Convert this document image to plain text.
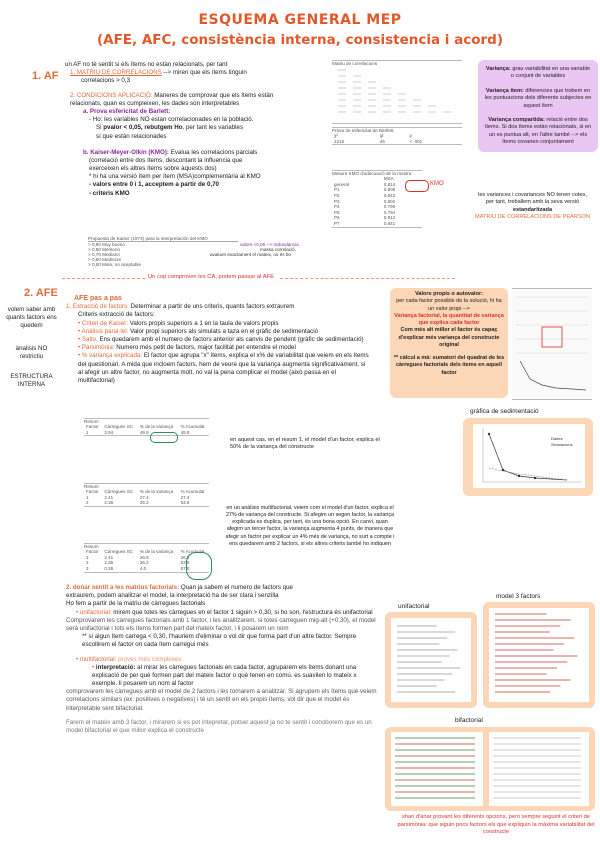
ESQUEMA GENERAL MEP
(AFE, AFC, consistència interna, consistencia i acord)
1. AF
un AF no tè sentit si els ítems no estàn relacionats, per tant
1. MATRIU DE CORRELACIONS --> miren que els ítems tinguin
correlacions > 0,3
2. CONDICIONS APLICACIÓ: Maneres de comprovar que els ítems estàn
relacionats, quan es cumpleixen, les dades son interpretables
a. Prova esfericitat de Barlett:
- Ho: les variables NO estan correlacionades en la població.
Si pvalor < 0,05, rebutgem Ho, per tant les variables
sí que estàn relacionades
b. Kaiser-Meyer-Olkin (KMO): Evalua les correlacions parcials
(correlació entre dos ítems, descontant la influencia que
exerceixen els altres ítems sobre aquests dos)
* hi ha una versió ítem per ítem (MSA)complementària al KMO
- valors entre 0 i 1, acceptem a partir de 0,70
- criteris KMO
Propuesta de Kaiser (1974) para la interpretación del KMO
> 0,90 Muy bueno
> 0,80 Meritorio
> 0,70 Mediano
> 0,60 Mediocre
> 0,50 Malo, no aceptable
valors <0,05 --> redundancia
massa correlació,
avaluen exactament el mateix, no és bo
Matriu de correlacions
Prova de esfericitat de Bartlett
χ²	gl	p
1218	45	< .001
Mesura KMO d'adecuació de la mostra
	MSA
general	0.814
P1	0.808
P2	0.843
P3	0.802
P4	0.799
P5	0.794
P6	0.812
P7	0.841
KMO
Variança: grau variabilitat en una variable o conjunt de variables
Variança ítem: diferencies que trobem en les puntuacions dels diferents subjectes en aquest ítem
Variança compartida: relació entre dos ítems. Si dos ítems estàn relacionats, si en un es puntua alt, en l'altre també --> els ítems covarien conjuntament
les variances i covariances NO tenen cotes,
per tant, treballem amb la seva versió
estandaritzada
MATRIU DE CORRELACIONS DE PEARSON
Un cop comproven les CA, podem passar al AFE
2. AFE
volem saber amb quants factors ens quedem
ànalisis NO restrictiu
ESTRUCTURA INTERNA
AFE pas a pas
1. Extracció de factors: Determinar a partir de uns criteris, quants factors extraurem
Criteris extracció de factors:
• Criteri de Kaiser: Valors propis superiors a 1 en la taula de valors propis
• Anàlisis paral·lel: Valor propi superiors als simulats a taza en el gràfic de sedimentació
• Salto: Ens quedarem amb el numero de factors anterior als canvis de pendent (gràfic de sedimentació)
• Parsimònia: Numero més petit de factors, major facilitat per entendre el model
• % variança explicada: El factor que agrupa "x" ítems, explica el x% de variabilitat que veiem en els ítems del questionari. A mida que incloem factors, hem de veure que la variança augmenta significativament, si al afegir un altre factor, no augmenta molt, no val la pena complicar el model (això passa en el multifactorial)
Resum
Factor	Càrregues SC	% de la variança	% Acumulat
1	2.94	49.9	49.9
en aquest cas, en el resum 1, el model d'un factor, explica el 50% de la variança del constructe
Resum
Factor	Càrregues SC	% de la variança	% Acumulat
1	2.41	27.4	27.4
2	2.36	26.2	53.6
en un anàlisis multifactorial, veiem com el model d'un factor, explica el 27% de variança del constructe. Si afegim un segon factor, la variança explicada es duplica, per tant, és una bona opció. En canvi, quan afegim un tercer factor, la variança augmenta 4 punts, de manera que afegir un factor per explicar un 4% més de variança, no surt a compte i ens quedarem amb 2 factors, si els altres criteris també ho indiquen
Resum
Factor	Càrregues SC	% de la variança	% Acumulat
1	2.41	26.8	26.8
2	2.36	26.2	53.0
3	0.36	4.0	57.0
Valors propis o autovalor:
per cada factor possible de la solució, hi ha un valor propi -->
Variança factorial, la quantitat de variança que explica cada factor
Com més alt millor el factor és capaç d'explicar més variança del constructe original
** càlcul a mà: sumatori del quadrat de les càrregues factorials dels ítems en aquell factor
gràfica de sedimentació
Dades
Simulacions
2. donar sentit a les matrius factorials: Quan ja sabem el numero de factors que
extraurem, podem analitzar el model, la interpretació ha de ser clara i senzilla
Ho fem a partir de la matriu de càrregues factorials
• unifactorial: mirem que totes les càrregues en el factor 1 siguin > 0,30, si ho son, l'estructura és unifactorial
Comprovarem les càrregues factorials amb 1 factor, i les analitzarem. si totes carreguen mig-alt (+0,30), el model serà unifactorial i tots els ítems formen part del mateix factor, i li posarem un nom
** si algun ítem carrega < 0,30, l'hauriem d'eliminar o vol dir que forma part d'un altre factor. Sempre escollirem el factor on cada ítem carregui més
• multifactorial: proves més complexes
• interpretació: al mirar les càrregues factorials en cada factor, agruparem els ítems donant una explicació de per què formen part del mateix factor o què tenen en comú. es suavilen lo mateix x exemple. li posarem un nom al factor
comprovarem les càrregues amb el model de 2 factors i les tornarem a analitzar. Si agrupem els ítems que veiem correlacions similars (ex: positives o negatives) i té un sentit en els propis ítems, vol dir que el model és interpretable sent bifactorial.
Farem el mateix amb 3 factor, i mirarem si es pot intepretar, potser aquest ja no te sentit i conoborem que es un model bifactorial el que millor explica el constructe
unifactorial
model 3 factors
bifactorial
shan d'anar provant les diferents opcions, però sempre seguint el criteri de parsimònia: que siguin pocs factors els que expliquin la màxima variabilitat del constructe
